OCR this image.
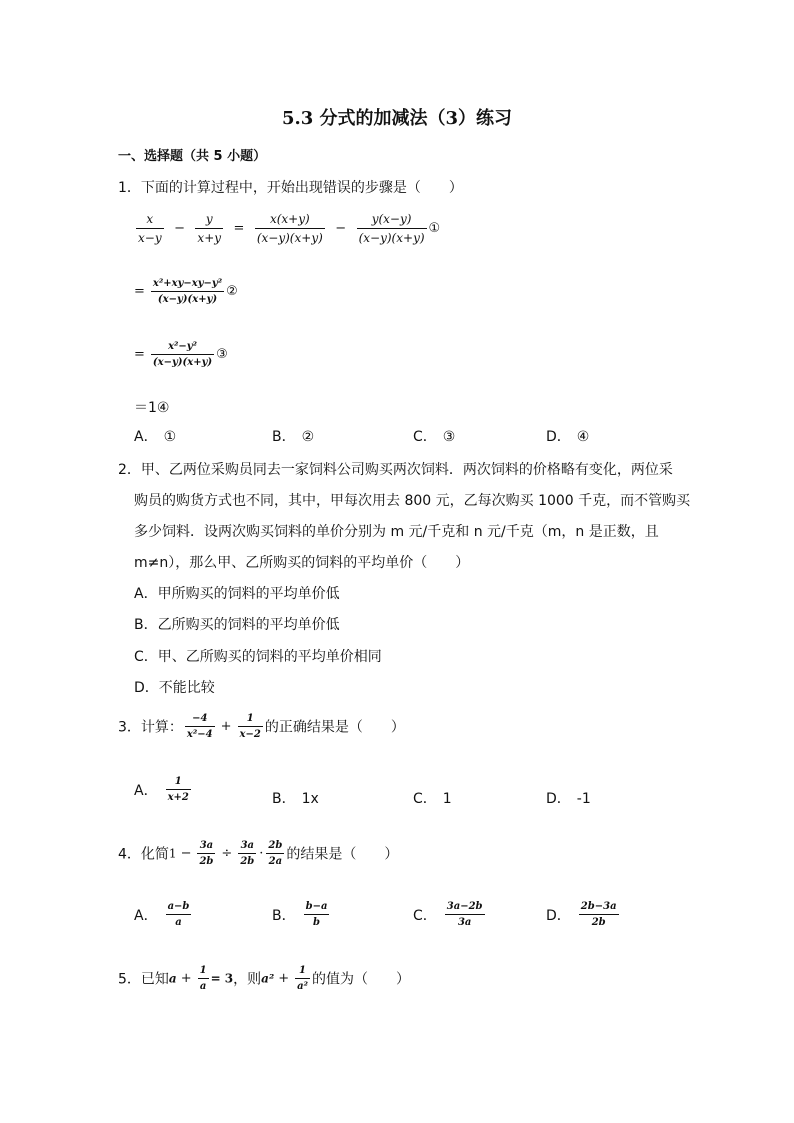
5.3 分式的加减法（3）练习
一、选择题（共 5 小题）
1．下面的计算过程中，开始出现错误的步骤是（　　）
$\frac{x}{x-y} - \frac{y}{x+y} = \frac{x(x+y)}{(x-y)(x+y)} - \frac{y(x-y)}{(x-y)(x+y)}$ ①
= $\frac{\text{x²+xy−xy−y²}}{(x-y)(x+y)}$ ②
= $\frac{\text{x²−y²}}{(x-y)(x+y)}$ ③
＝1④
A． ①	B． ②	C． ③	D． ④
2．甲、乙两位采购员同去一家饲料公司购买两次饲料．两次饲料的价格略有变化，两位采
购员的购货方式也不同，其中，甲每次用去 800 元，乙每次购买 1000 千克，而不管购买
多少饲料．设两次购买饲料的单价分别为 m 元/千克和 n 元/千克（m，n 是正数，且
m≠n），那么甲、乙所购买的饲料的平均单价（　　）
A．甲所购买的饲料的平均单价低
B．乙所购买的饲料的平均单价低
C．甲、乙所购买的饲料的平均单价相同
D．不能比较
3．计算： $\frac{-4}{\text{x²−4}} + \frac{1}{x-2}$ 的正确结果是（　　）
A． $\frac{1}{x+2}$	B． 1x	C． 1	D． -1
4．化简$1 - \frac{3a}{2b} \div \frac{3a}{2b} \cdot \frac{2b}{2a}$ 的结果是（　　）
A． $\frac{a-b}{a}$	B． $\frac{b-a}{b}$	C． $\frac{3a-2b}{3a}$	D． $\frac{2b-3a}{2b}$
5．已知$a + \frac{1}{a} = 3$，则$a^2 + \frac{1}{\text{a²}}$ 的值为（　　）
